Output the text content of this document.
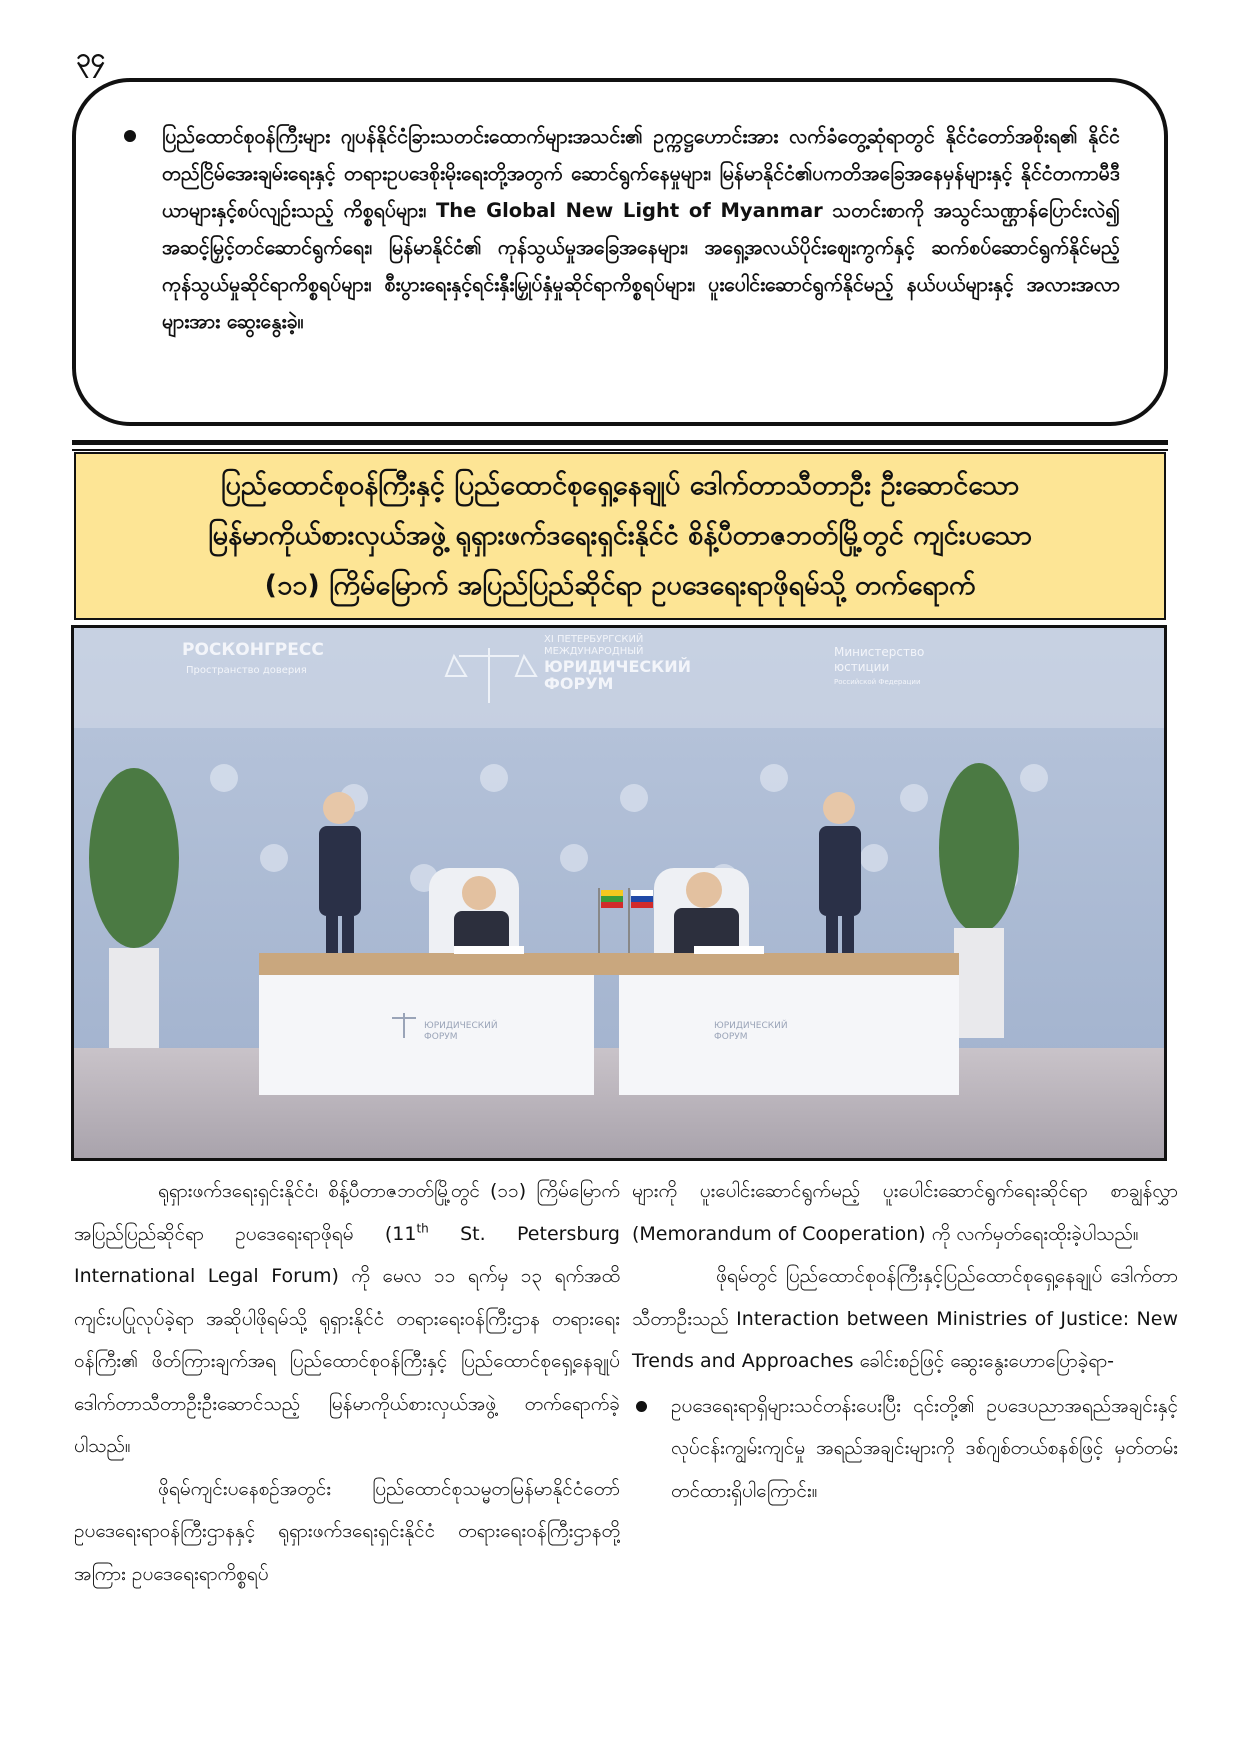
၃၄
ပြည်ထောင်စုဝန်ကြီးများ ဂျပန်နိုင်ငံခြားသတင်းထောက်များအသင်း၏ ဥက္ကဋ္ဌဟောင်းအား လက်ခံတွေ့ဆုံရာတွင် နိုင်ငံတော်အစိုးရ၏ နိုင်ငံတည်ငြိမ်အေးချမ်းရေးနှင့် တရားဥပဒေစိုးမိုးရေးတို့အတွက် ဆောင်ရွက်နေမှုများ၊ မြန်မာနိုင်ငံ၏ပကတိအခြေအနေမှန်များနှင့် နိုင်ငံတကာမီဒီယာများနှင့်စပ်လျဉ်းသည့် ကိစ္စရပ်များ၊ The Global New Light of Myanmar သတင်းစာကို အသွင်သဏ္ဌာန်ပြောင်းလဲ၍ အဆင့်မြှင့်တင်ဆောင်ရွက်ရေး၊ မြန်မာနိုင်ငံ၏ ကုန်သွယ်မှုအခြေအနေများ၊ အရှေ့အလယ်ပိုင်းဈေးကွက်နှင့် ဆက်စပ်ဆောင်ရွက်နိုင်မည့် ကုန်သွယ်မှုဆိုင်ရာကိစ္စရပ်များ၊ စီးပွားရေးနှင့်ရင်းနှီးမြှုပ်နှံမှုဆိုင်ရာကိစ္စရပ်များ၊ ပူးပေါင်းဆောင်ရွက်နိုင်မည့် နယ်ပယ်များနှင့် အလားအလာများအား ဆွေးနွေးခဲ့။
ပြည်ထောင်စုဝန်ကြီးနှင့် ပြည်ထောင်စုရှေ့နေချုပ် ဒေါက်တာသီတာဦး ဦးဆောင်သော
မြန်မာကိုယ်စားလှယ်အဖွဲ့ ရုရှားဖက်ဒရေးရှင်းနိုင်ငံ စိန့်ပီတာဇဘတ်မြို့တွင် ကျင်းပသော
(၁၁) ကြိမ်မြောက် အပြည်ပြည်ဆိုင်ရာ ဥပဒေရေးရာဖိုရမ်သို့ တက်ရောက်
РОСКОНГРЕСС
Пространство доверия
XI ПЕТЕРБУРГСКИЙ
МЕЖДУНАРОДНЫЙ
ЮРИДИЧЕСКИЙ
ФОРУМ
Министерство
юстиции
Российской Федерации
ЮРИДИЧЕСКИЙ
ФОРУМ
ЮРИДИЧЕСКИЙ
ФОРУМ

ရုရှားဖက်ဒရေးရှင်းနိုင်ငံ၊ စိန့်ပီတာဇဘတ်မြို့တွင် (၁၁) ကြိမ်မြောက်အပြည်ပြည်ဆိုင်ရာ ဥပဒေရေးရာဖိုရမ် (11th St. Petersburg International Legal Forum) ကို မေလ ၁၁ ရက်မှ ၁၃ ရက်အထိ ကျင်းပပြုလုပ်ခဲ့ရာ အဆိုပါဖိုရမ်သို့ ရုရှားနိုင်ငံ တရားရေးဝန်ကြီးဌာန တရားရေးဝန်ကြီး၏ ဖိတ်ကြားချက်အရ ပြည်ထောင်စုဝန်ကြီးနှင့် ပြည်ထောင်စုရှေ့နေချုပ် ဒေါက်တာသီတာဦးဦးဆောင်သည့် မြန်မာကိုယ်စားလှယ်အဖွဲ့ တက်ရောက်ခဲ့ပါသည်။

ဖိုရမ်ကျင်းပနေစဉ်အတွင်း ပြည်ထောင်စုသမ္မတမြန်မာနိုင်ငံတော် ဥပဒေရေးရာဝန်ကြီးဌာနနှင့် ရုရှားဖက်ဒရေးရှင်းနိုင်ငံ တရားရေးဝန်ကြီးဌာနတို့အကြား ဥပဒေရေးရာကိစ္စရပ်

များကို ပူးပေါင်းဆောင်ရွက်မည့် ပူးပေါင်းဆောင်ရွက်ရေးဆိုင်ရာ စာချွန်လွှာ (Memorandum of Cooperation) ကို လက်မှတ်ရေးထိုးခဲ့ပါသည်။

ဖိုရမ်တွင် ပြည်ထောင်စုဝန်ကြီးနှင့်ပြည်ထောင်စုရှေ့နေချုပ် ဒေါက်တာသီတာဦးသည် Interaction between Ministries of Justice: New Trends and Approaches ခေါင်းစဉ်ဖြင့် ဆွေးနွေးဟောပြောခဲ့ရာ-

ဥပဒေရေးရာရှိများသင်တန်းပေးပြီး ၎င်းတို့၏ ဥပဒေပညာအရည်အချင်းနှင့် လုပ်ငန်းကျွမ်းကျင်မှု အရည်အချင်းများကို ဒစ်ဂျစ်တယ်စနစ်ဖြင့် မှတ်တမ်းတင်ထားရှိပါကြောင်း။
